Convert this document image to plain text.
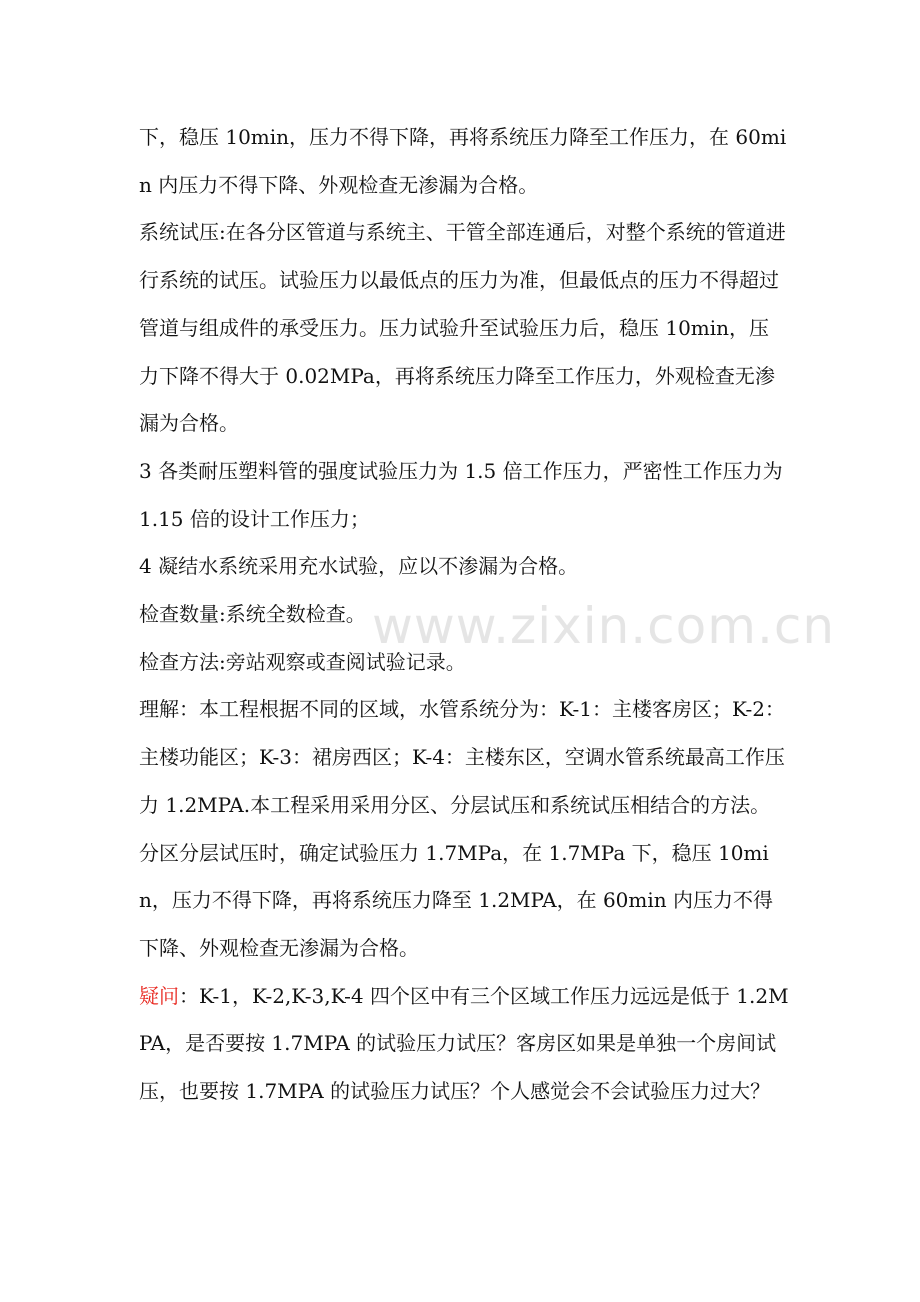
下，稳压 10min，压力不得下降，再将系统压力降至工作压力，在 60min 内压力不得下降、外观检查无渗漏为合格。

系统试压:在各分区管道与系统主、干管全部连通后，对整个系统的管道进行系统的试压。试验压力以最低点的压力为准，但最低点的压力不得超过管道与组成件的承受压力。压力试验升至试验压力后，稳压 10min，压力下降不得大于 0.02MPa，再将系统压力降至工作压力，外观检查无渗漏为合格。

3 各类耐压塑料管的强度试验压力为 1.5 倍工作压力，严密性工作压力为 1.15 倍的设计工作压力；

4 凝结水系统采用充水试验，应以不渗漏为合格。

检查数量:系统全数检查。

检查方法:旁站观察或查阅试验记录。

理解：本工程根据不同的区域，水管系统分为：K-1：主楼客房区；K-2：主楼功能区；K-3：裙房西区；K-4：主楼东区，空调水管系统最高工作压力 1.2MPA.本工程采用采用分区、分层试压和系统试压相结合的方法。分区分层试压时，确定试验压力 1.7MPa，在 1.7MPa 下，稳压 10min，压力不得下降，再将系统压力降至 1.2MPA，在 60min 内压力不得下降、外观检查无渗漏为合格。

疑问：K-1，K-2,K-3,K-4 四个区中有三个区域工作压力远远是低于 1.2MPA，是否要按 1.7MPA 的试验压力试压？客房区如果是单独一个房间试压，也要按 1.7MPA 的试验压力试压？个人感觉会不会试验压力过大？

www.zixin.com.cn
